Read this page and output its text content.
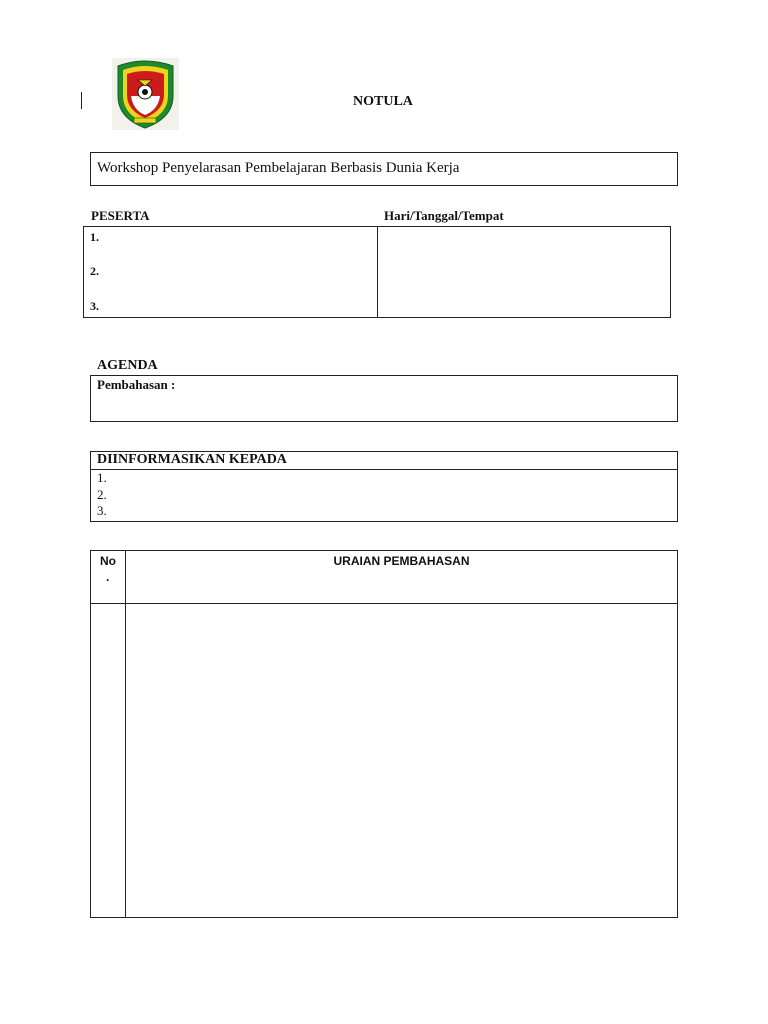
NOTULA
Workshop Penyelarasan Pembelajaran Berbasis Dunia Kerja
PESERTA	Hari/Tanggal/Tempat
1.
2.
3.
AGENDA
Pembahasan :
DIINFORMASIKAN KEPADA
1.
2.
3.
No
.
URAIAN PEMBAHASAN
